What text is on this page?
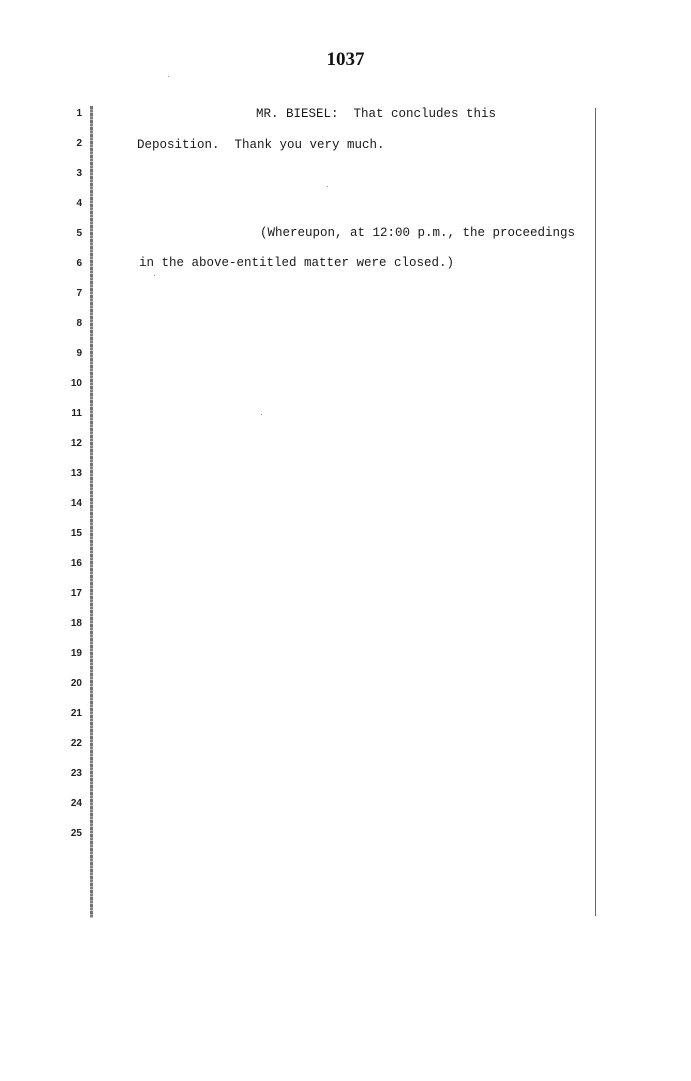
1037
1
2
3
4
5
6
7
8
9
10
11
12
13
14
15
16
17
18
19
20
21
22
23
24
25
MR. BIESEL:  That concludes this
Deposition.  Thank you very much.
(Whereupon, at 12:00 p.m., the proceedings
in the above-entitled matter were closed.)
